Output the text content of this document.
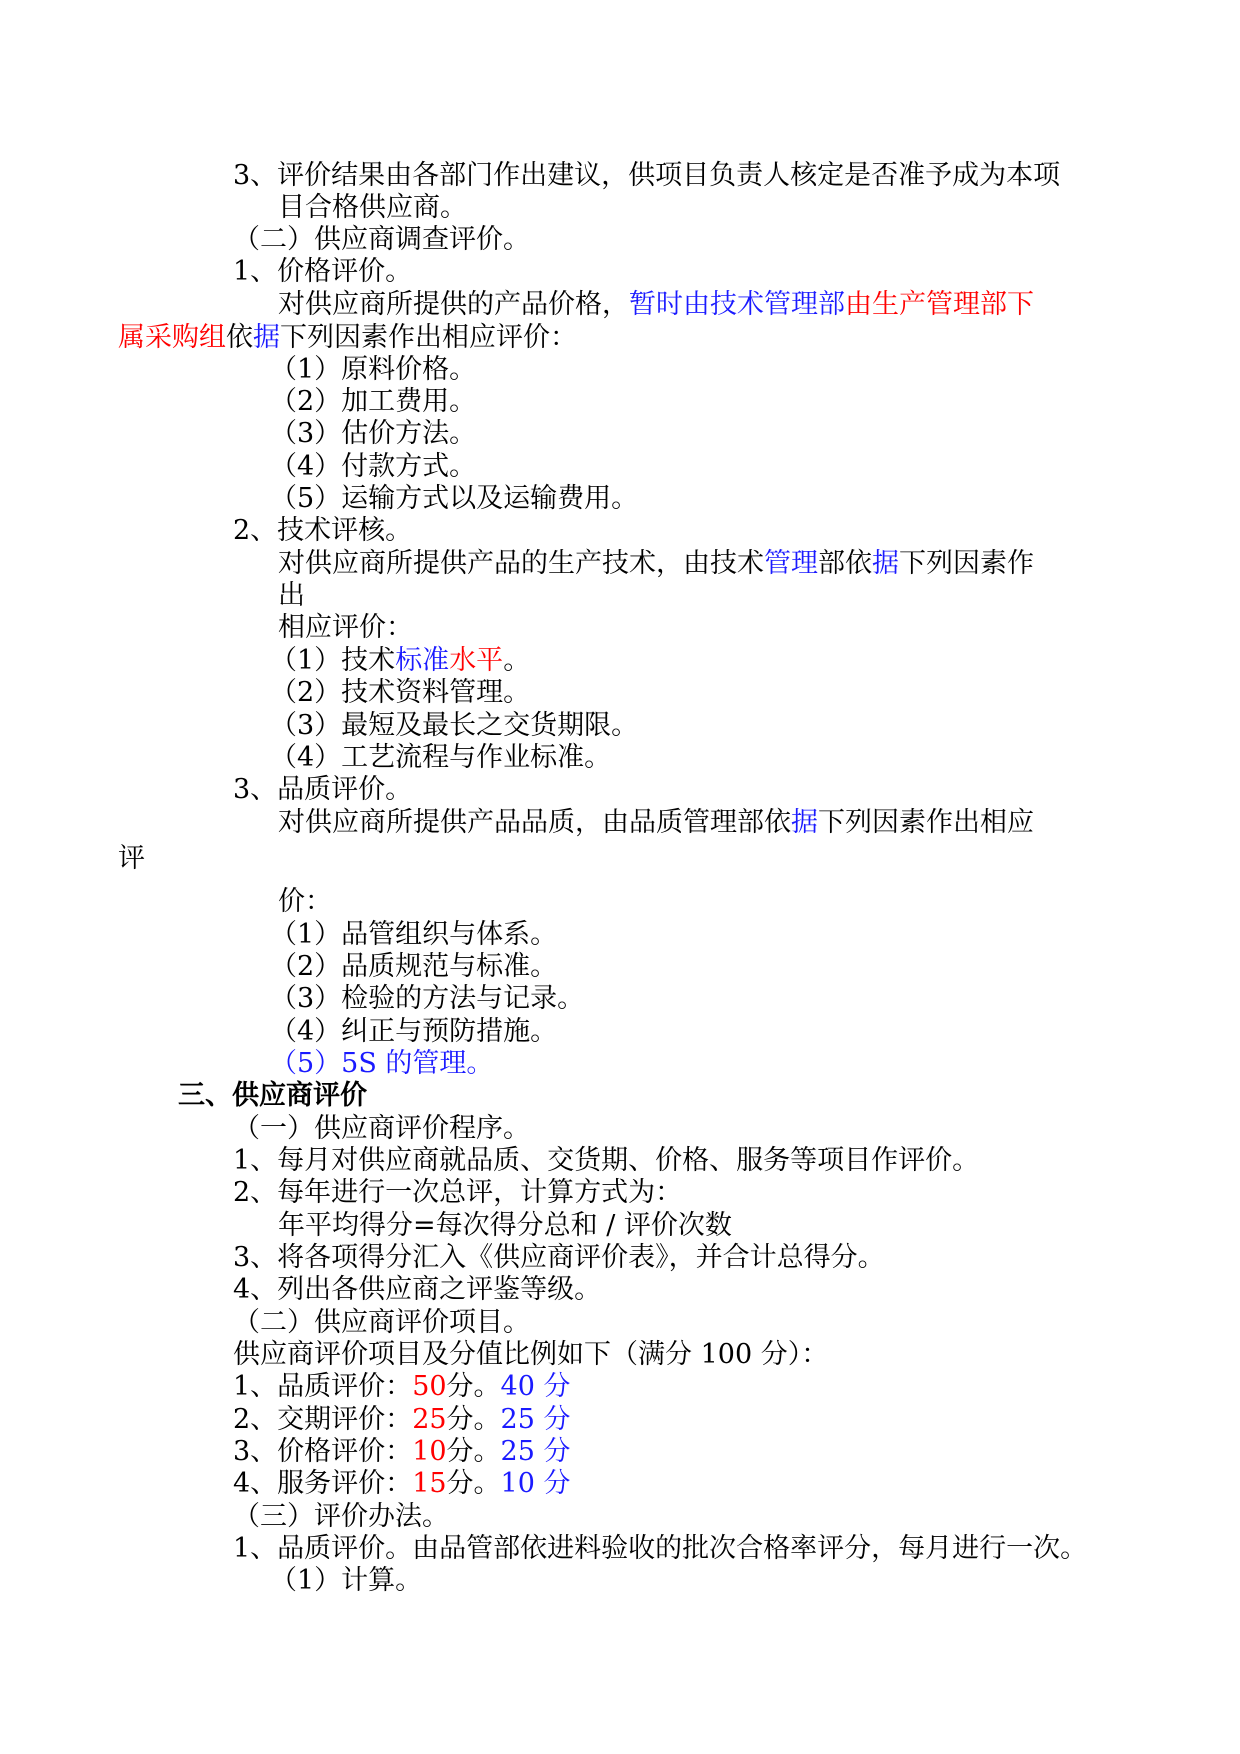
3、评价结果由各部门作出建议，供项目负责人核定是否准予成为本项

目合格供应商。

（二）供应商调查评价。

1、价格评价。

对供应商所提供的产品价格，暂时由技术管理部由生产管理部下

属采购组依据下列因素作出相应评价：

（1）原料价格。

（2）加工费用。

（3）估价方法。

（4）付款方式。

（5）运输方式以及运输费用。

2、技术评核。

对供应商所提供产品的生产技术，由技术管理部依据下列因素作

出

相应评价：

（1）技术标准水平。

（2）技术资料管理。

（3）最短及最长之交货期限。

（4）工艺流程与作业标准。

3、品质评价。

对供应商所提供产品品质，由品质管理部依据下列因素作出相应

评

价：

（1）品管组织与体系。

（2）品质规范与标准。

（3）检验的方法与记录。

（4）纠正与预防措施。

（5）5S 的管理。

三、供应商评价

（一）供应商评价程序。

1、每月对供应商就品质、交货期、价格、服务等项目作评价。

2、每年进行一次总评，计算方式为：

年平均得分=每次得分总和 / 评价次数

3、将各项得分汇入《供应商评价表》，并合计总得分。

4、列出各供应商之评鉴等级。

（二）供应商评价项目。

供应商评价项目及分值比例如下（满分 100 分）：

1、品质评价：50分。40 分

2、交期评价：25分。25 分

3、价格评价：10分。25 分

4、服务评价：15分。10 分

（三）评价办法。

1、品质评价。由品管部依进料验收的批次合格率评分，每月进行一次。

（1）计算。
